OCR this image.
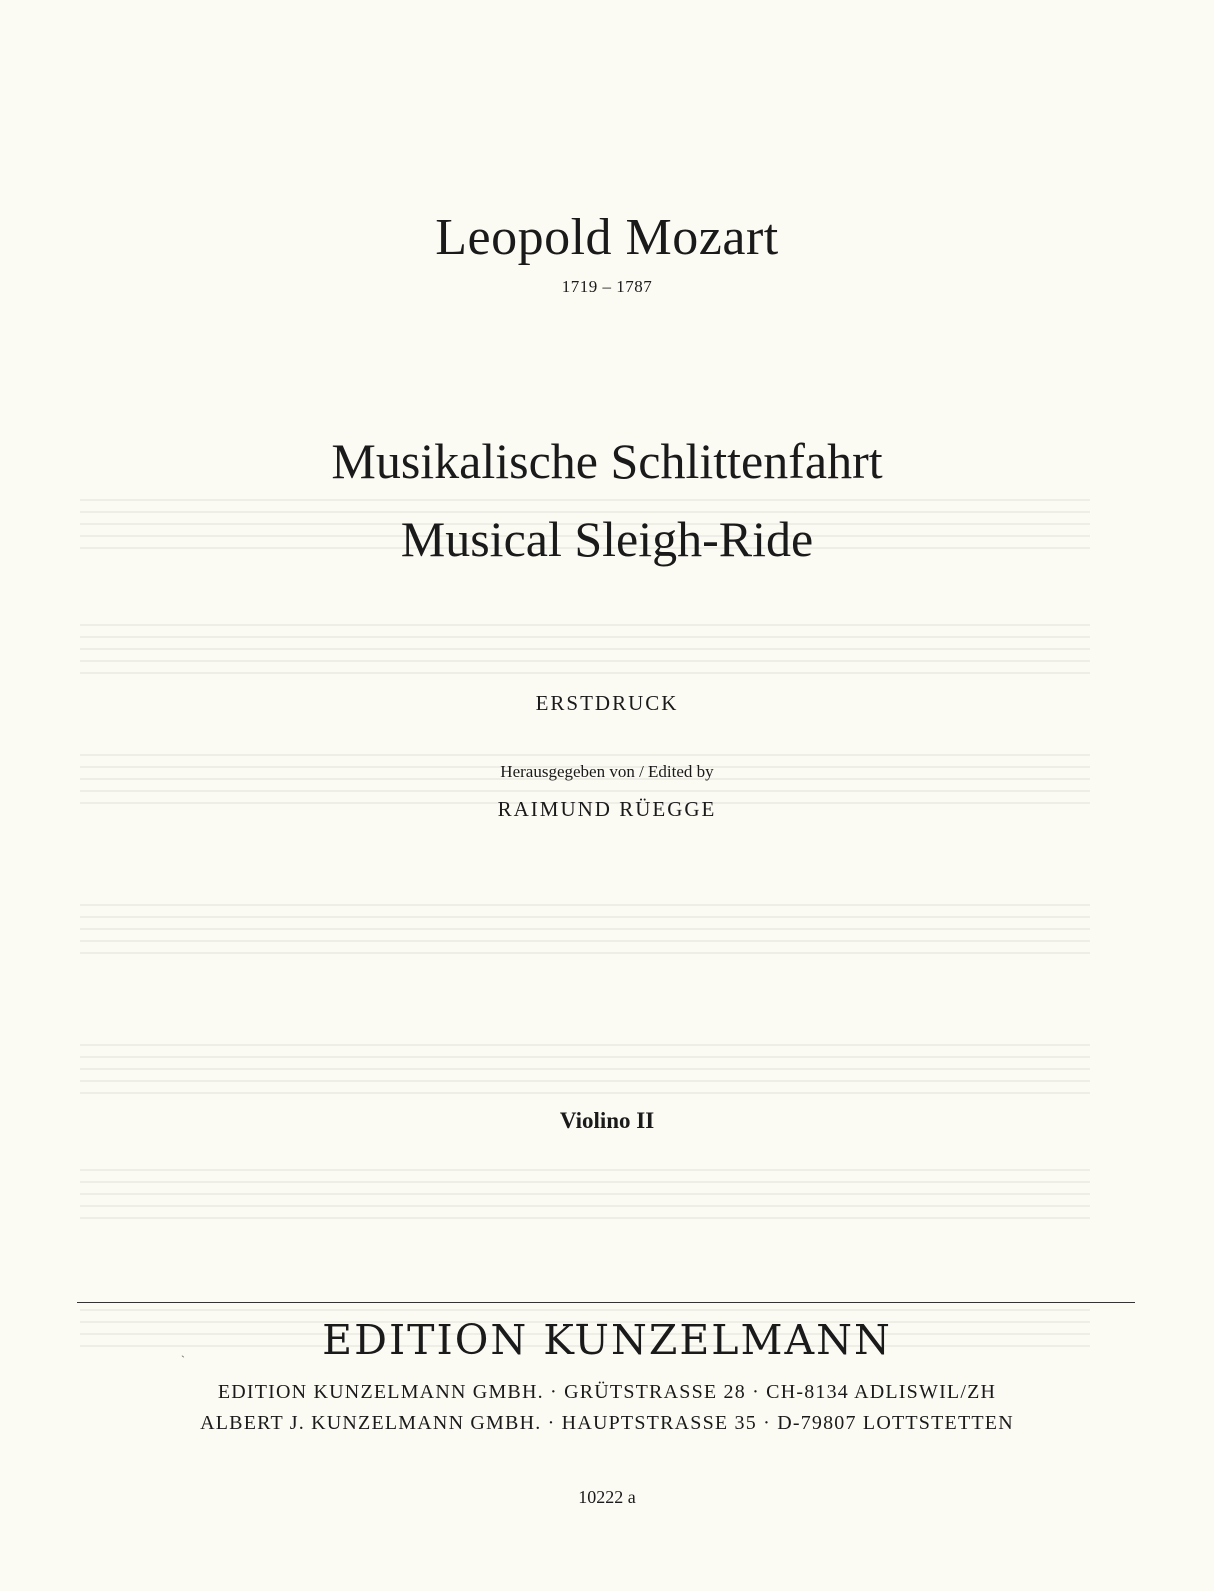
Leopold Mozart
1719 – 1787
Musikalische Schlittenfahrt
Musical Sleigh-Ride
ERSTDRUCK
Herausgegeben von / Edited by
RAIMUND RÜEGGE
Violino II
ˎ	EDITION KUNZELMANN
EDITION KUNZELMANN GMBH. · GRÜTSTRASSE 28 · CH-8134 ADLISWIL/ZH
ALBERT J. KUNZELMANN GMBH. · HAUPTSTRASSE 35 · D-79807 LOTTSTETTEN
10222 a
